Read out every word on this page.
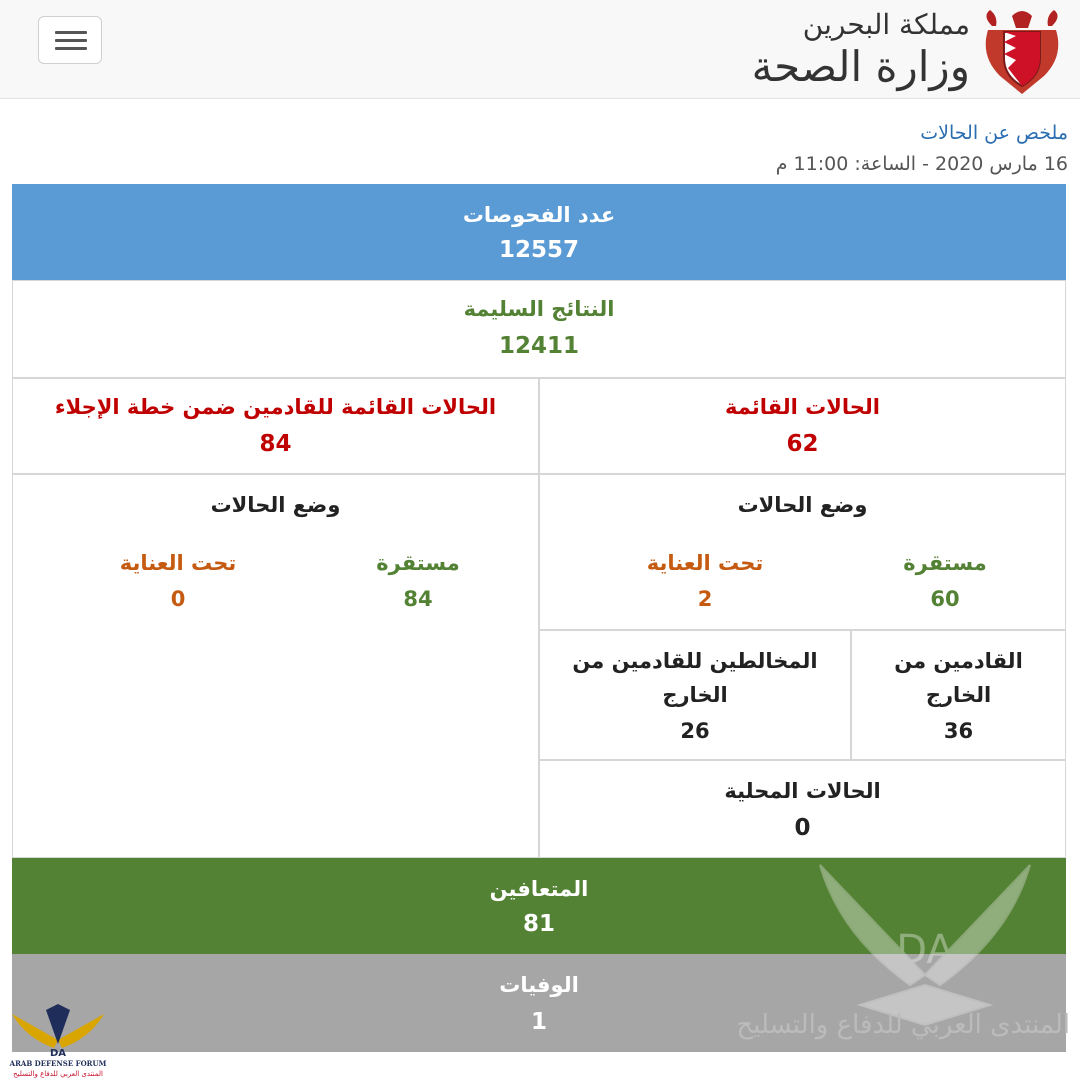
مملكة البحرين
وزارة الصحة
ملخص عن الحالات
16 مارس 2020 - الساعة: 11:00 م
عدد الفحوصات
12557
النتائج السليمة
12411
الحالات القائمة
62
الحالات القائمة للقادمين ضمن خطة الإجلاء
84
وضع الحالات
مستقرة
60
تحت العناية
2
وضع الحالات
مستقرة
84
تحت العناية
0
القادمين من
الخارج
36
المخالطين للقادمين من
الخارج
26
الحالات المحلية
0
المتعافين
81
الوفيات
1
DA
المنتدى العربي للدفاع والتسليح
DA
ARAB DEFENSE FORUM
المنتدى العربي للدفاع والتسليح
